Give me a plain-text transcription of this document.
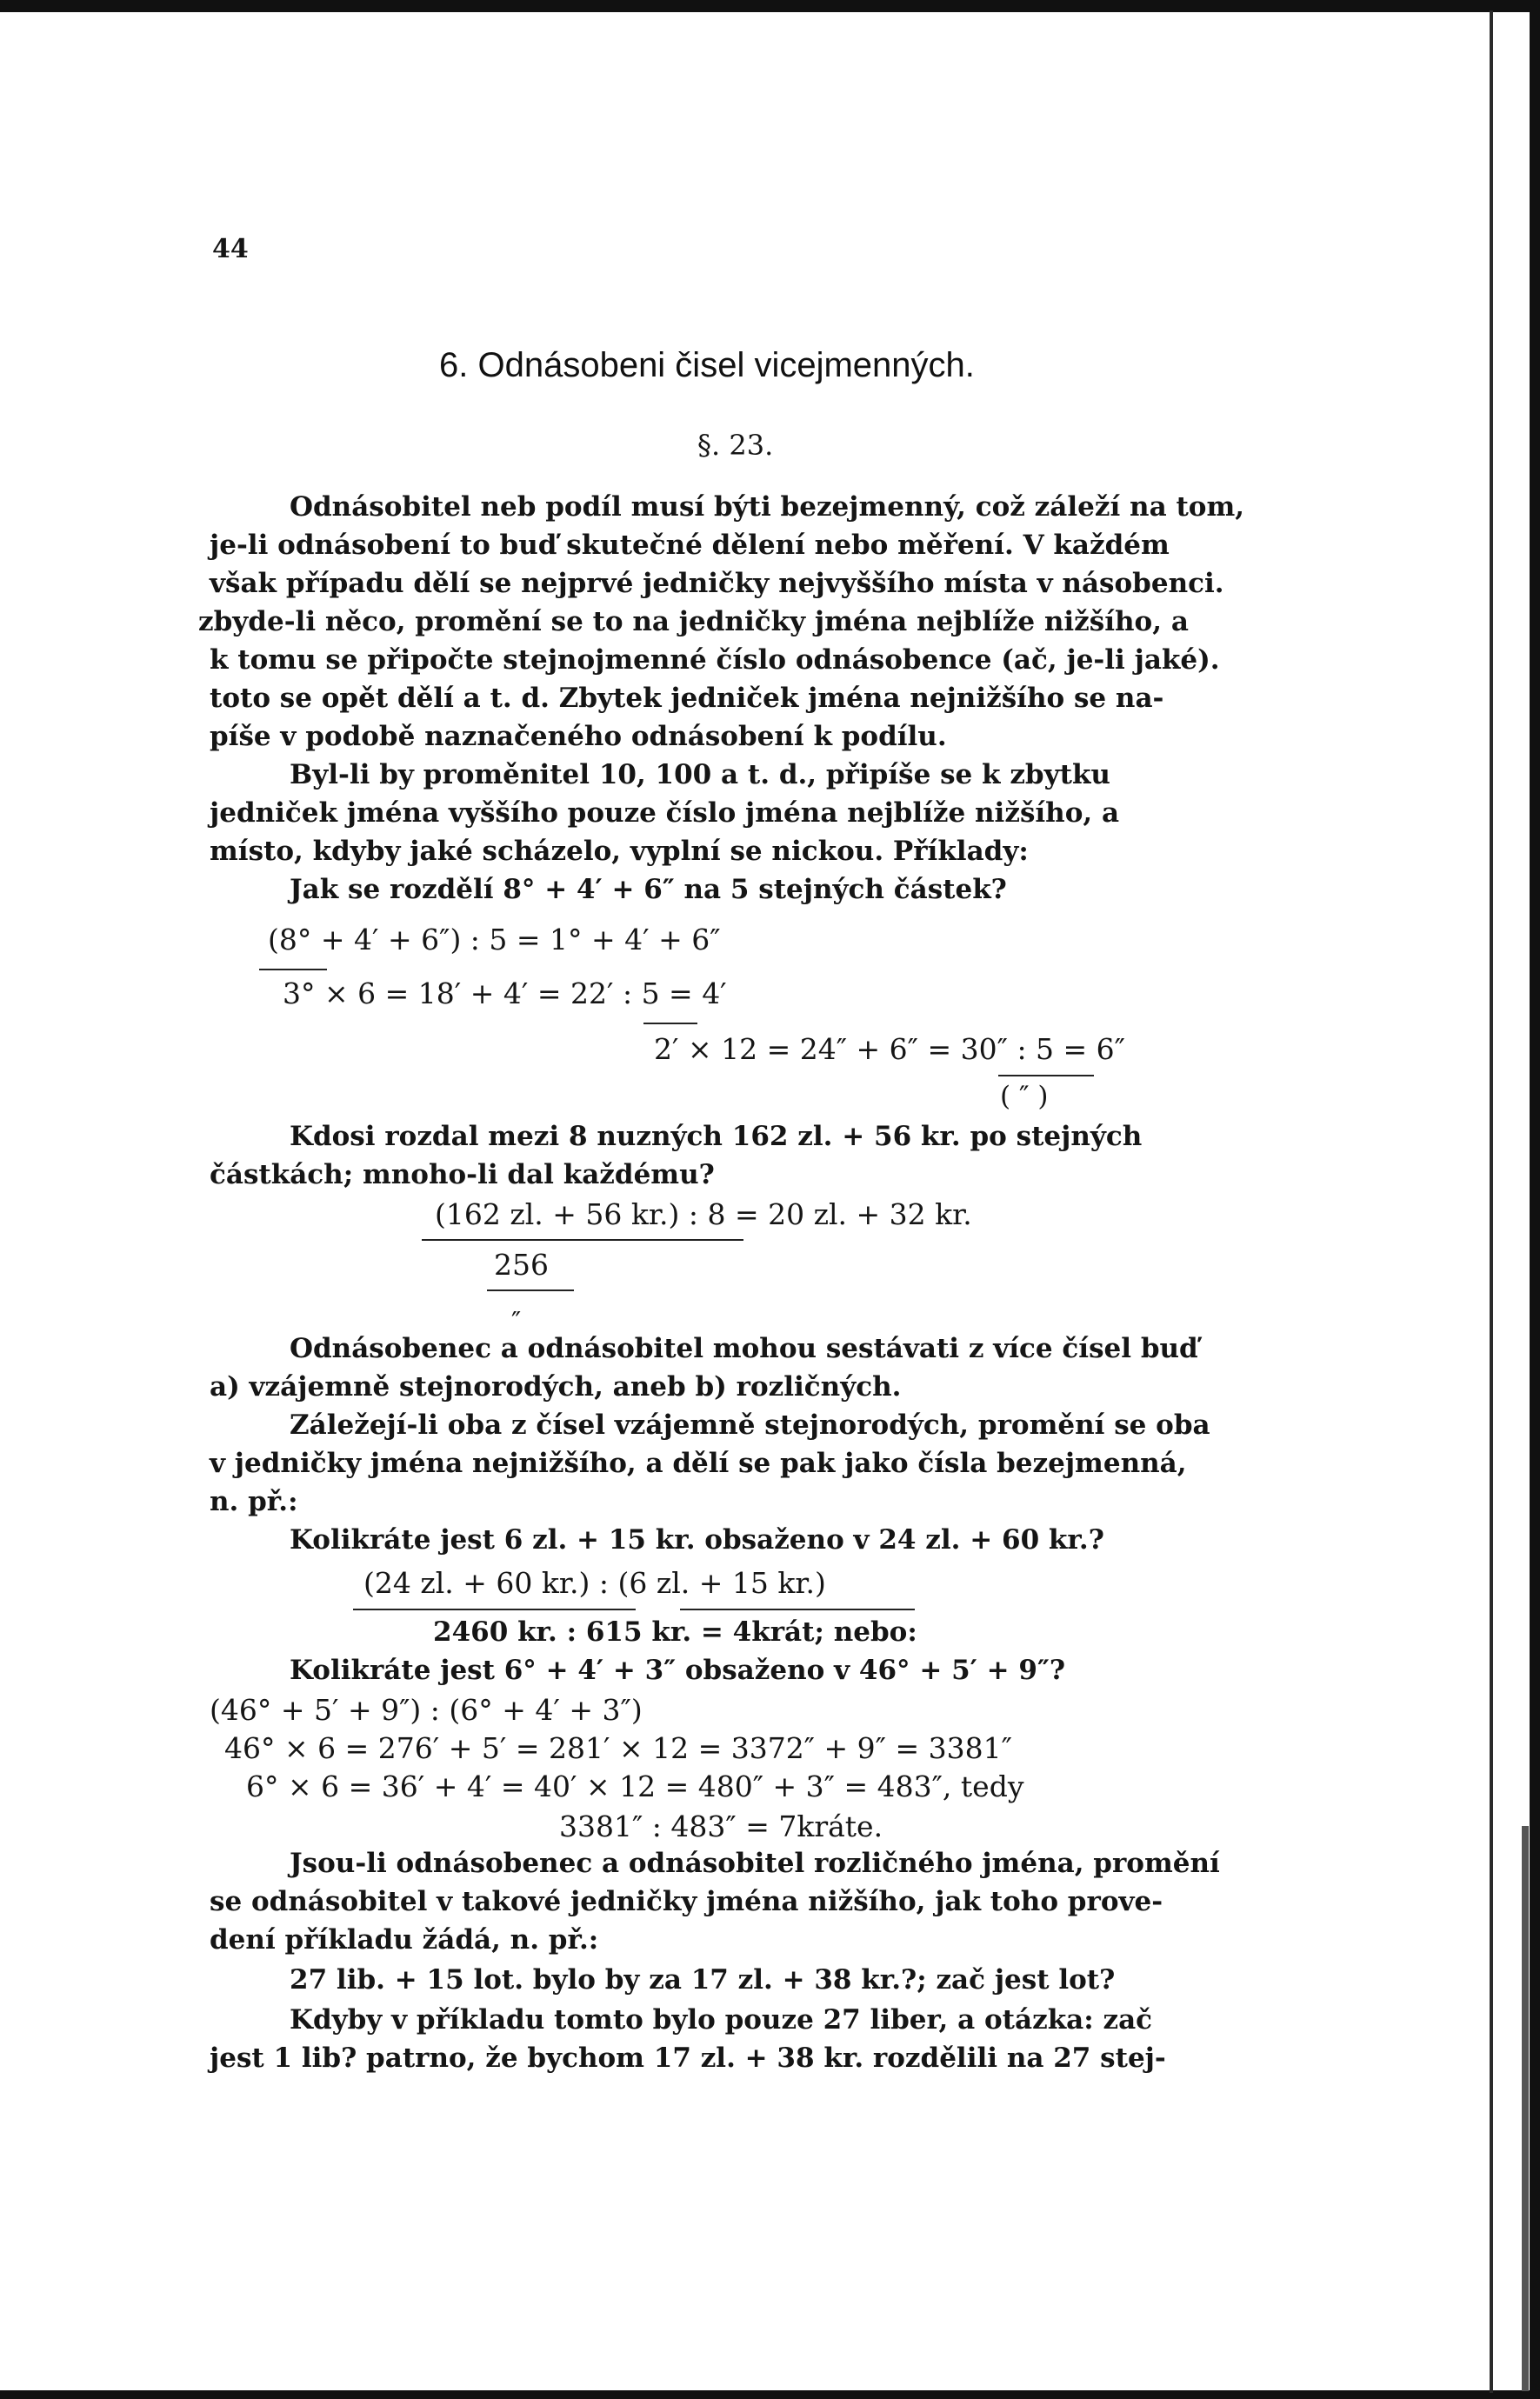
44
6. Odnásobeni čisel vicejmenných.
§. 23.
Odnásobitel neb podíl musí býti bezejmenný, což záleží na tom,
je-li odnásobení to buď skutečné dělení nebo měření. V každém
však případu dělí se nejprvé jedničky nejvyššího místa v násobenci.
zbyde-li něco, promění se to na jedničky jména nejblíže nižšího, a
k tomu se připočte stejnojmenné číslo odnásobence (ač, je-li jaké).
toto se opět dělí a t. d. Zbytek jedniček jména nejnižšího se na-
píše v podobě naznačeného odnásobení k podílu.
Byl-li by proměnitel 10, 100 a t. d., připíše se k zbytku
jedniček jména vyššího pouze číslo jména nejblíže nižšího, a
místo, kdyby jaké scházelo, vyplní se nickou. Příklady:
Jak se rozdělí 8° + 4′ + 6″ na 5 stejných částek?
(8° + 4′ + 6″) : 5 = 1° + 4′ + 6″
3° × 6 = 18′ + 4′ = 22′ : 5 = 4′
2′ × 12 = 24″ + 6″ = 30″ : 5 = 6″
( ″ )
Kdosi rozdal mezi 8 nuzných 162 zl. + 56 kr. po stejných
částkách; mnoho-li dal každému?
(162 zl. + 56 kr.) : 8 = 20 zl. + 32 kr.
256
″
Odnásobenec a odnásobitel mohou sestávati z více čísel buď
a) vzájemně stejnorodých, aneb b) rozličných.
Záležejí-li oba z čísel vzájemně stejnorodých, promění se oba
v jedničky jména nejnižšího, a dělí se pak jako čísla bezejmenná,
n. př.:
Kolikráte jest 6 zl. + 15 kr. obsaženo v 24 zl. + 60 kr.?
(24 zl. + 60 kr.) : (6 zl. + 15 kr.)
2460 kr. : 615 kr. = 4krát; nebo:
Kolikráte jest 6° + 4′ + 3″ obsaženo v 46° + 5′ + 9″?
(46° + 5′ + 9″) : (6° + 4′ + 3″)
46° × 6 = 276′ + 5′ = 281′ × 12 = 3372″ + 9″ = 3381″
6° × 6 = 36′ + 4′ = 40′ × 12 = 480″ + 3″ = 483″, tedy
3381″ : 483″ = 7kráte.
Jsou-li odnásobenec a odnásobitel rozličného jména, promění
se odnásobitel v takové jedničky jména nižšího, jak toho prove-
dení příkladu žádá, n. př.:
27 lib. + 15 lot. bylo by za 17 zl. + 38 kr.?; zač jest lot?
Kdyby v příkladu tomto bylo pouze 27 liber, a otázka: zač
jest 1 lib? patrno, že bychom 17 zl. + 38 kr. rozdělili na 27 stej-
